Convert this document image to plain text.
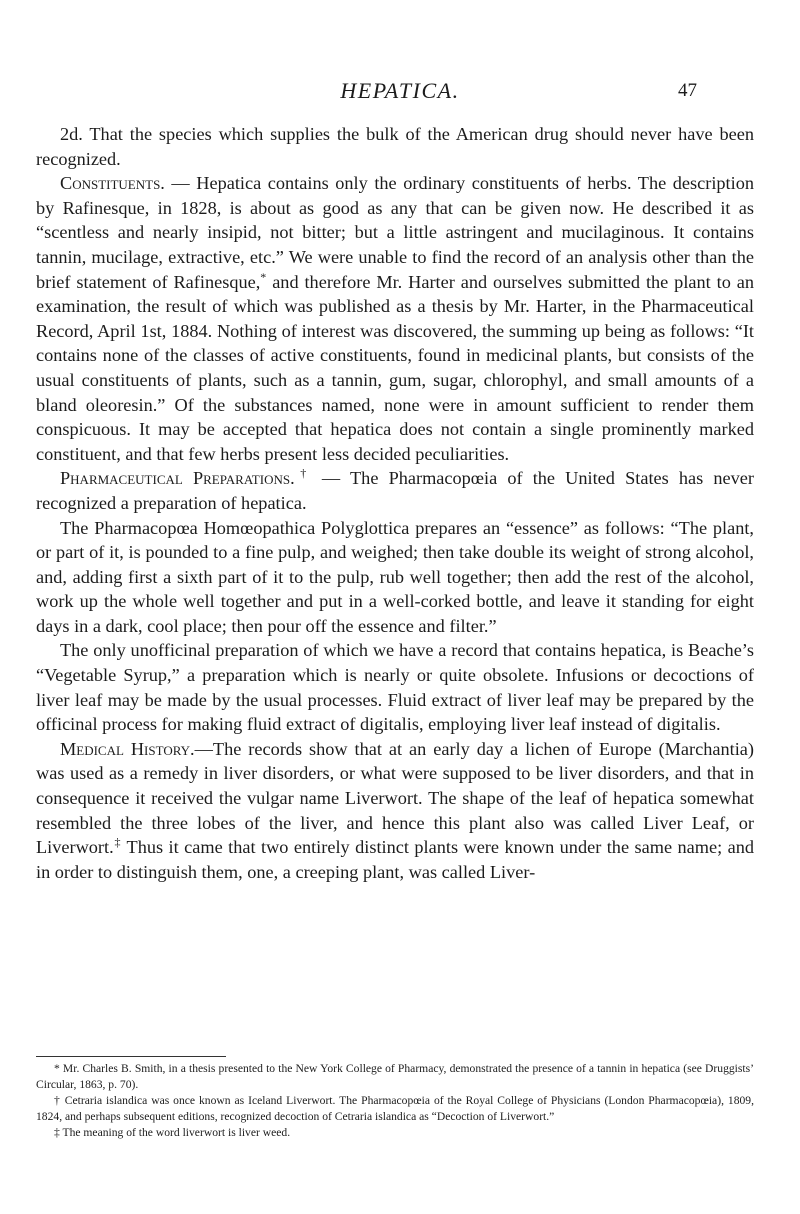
HEPATICA.	47

2d. That the species which supplies the bulk of the American drug should never have been recognized.

Constituents. — Hepatica contains only the ordinary constituents of herbs. The description by Rafinesque, in 1828, is about as good as any that can be given now. He described it as “scentless and nearly insipid, not bitter; but a little astringent and mucilaginous. It contains tannin, mucilage, extractive, etc.” We were unable to find the record of an analysis other than the brief statement of Rafinesque,* and therefore Mr. Harter and ourselves submitted the plant to an examination, the result of which was published as a thesis by Mr. Harter, in the Pharmaceutical Record, April 1st, 1884. Nothing of interest was discovered, the summing up being as follows: “It contains none of the classes of active constituents, found in medicinal plants, but consists of the usual constituents of plants, such as a tannin, gum, sugar, chlorophyl, and small amounts of a bland oleoresin.” Of the substances named, none were in amount sufficient to render them conspicuous. It may be accepted that hepatica does not contain a single prominently marked constituent, and that few herbs present less decided peculiarities.

Pharmaceutical Preparations.† — The Pharmacopœia of the United States has never recognized a preparation of hepatica.

The Pharmacopœa Homœopathica Polyglottica prepares an “essence” as follows: “The plant, or part of it, is pounded to a fine pulp, and weighed; then take double its weight of strong alcohol, and, adding first a sixth part of it to the pulp, rub well together; then add the rest of the alcohol, work up the whole well together and put in a well-corked bottle, and leave it standing for eight days in a dark, cool place; then pour off the essence and filter.”

The only unofficinal preparation of which we have a record that contains hepatica, is Beache’s “Vegetable Syrup,” a preparation which is nearly or quite obsolete. Infusions or decoctions of liver leaf may be made by the usual processes. Fluid extract of liver leaf may be prepared by the officinal process for making fluid extract of digitalis, employing liver leaf instead of digitalis.

Medical History.—The records show that at an early day a lichen of Europe (Marchantia) was used as a remedy in liver disorders, or what were supposed to be liver disorders, and that in consequence it received the vulgar name Liverwort. The shape of the leaf of hepatica somewhat resembled the three lobes of the liver, and hence this plant also was called Liver Leaf, or Liverwort.‡ Thus it came that two entirely distinct plants were known under the same name; and in order to distinguish them, one, a creeping plant, was called Liver-

* Mr. Charles B. Smith, in a thesis presented to the New York College of Pharmacy, demonstrated the presence of a tannin in hepatica (see Druggists’ Circular, 1863, p. 70).

† Cetraria islandica was once known as Iceland Liverwort. The Pharmacopœia of the Royal College of Physicians (London Pharmacopœia), 1809, 1824, and perhaps subsequent editions, recognized decoction of Cetraria islandica as “Decoction of Liverwort.”

‡ The meaning of the word liverwort is liver weed.
